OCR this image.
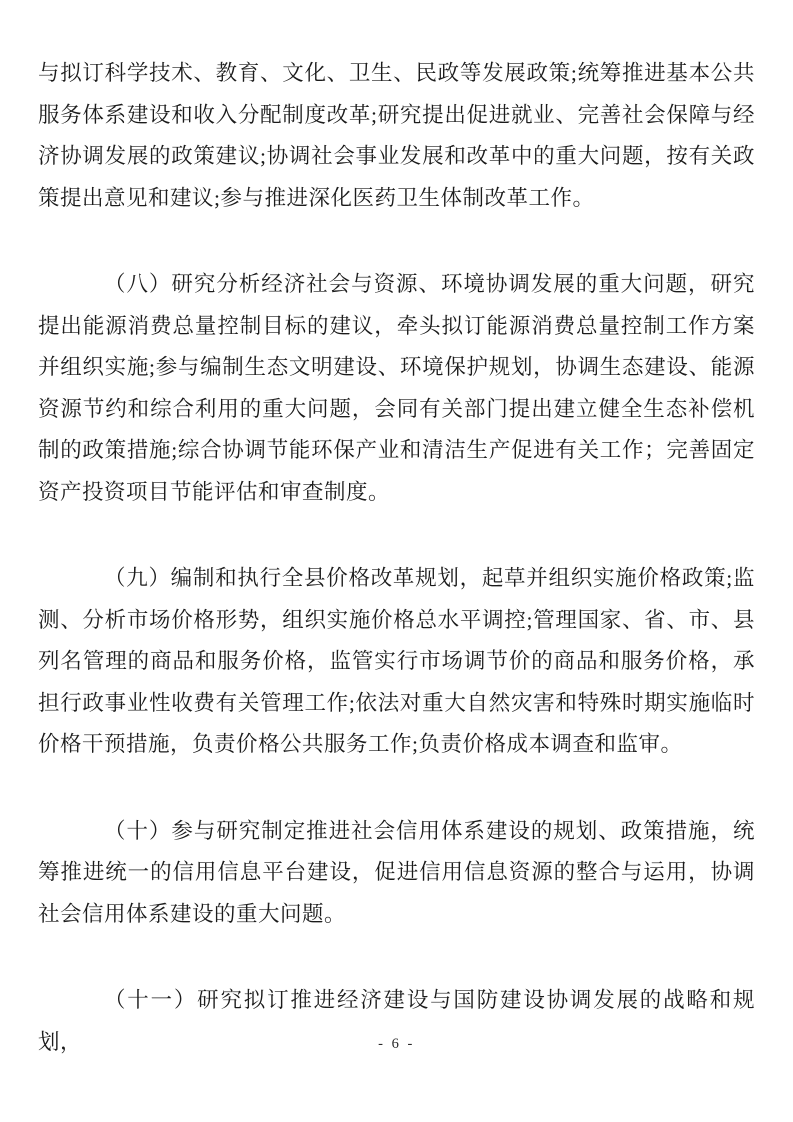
与拟订科学技术、教育、文化、卫生、民政等发展政策;统筹推进基本公共服务体系建设和收入分配制度改革;研究提出促进就业、完善社会保障与经济协调发展的政策建议;协调社会事业发展和改革中的重大问题，按有关政策提出意见和建议;参与推进深化医药卫生体制改革工作。

（八）研究分析经济社会与资源、环境协调发展的重大问题，研究提出能源消费总量控制目标的建议，牵头拟订能源消费总量控制工作方案并组织实施;参与编制生态文明建设、环境保护规划，协调生态建设、能源资源节约和综合利用的重大问题，会同有关部门提出建立健全生态补偿机制的政策措施;综合协调节能环保产业和清洁生产促进有关工作；完善固定资产投资项目节能评估和审查制度。

（九）编制和执行全县价格改革规划，起草并组织实施价格政策;监测、分析市场价格形势，组织实施价格总水平调控;管理国家、省、市、县列名管理的商品和服务价格，监管实行市场调节价的商品和服务价格，承担行政事业性收费有关管理工作;依法对重大自然灾害和特殊时期实施临时价格干预措施，负责价格公共服务工作;负责价格成本调查和监审。

（十）参与研究制定推进社会信用体系建设的规划、政策措施，统筹推进统一的信用信息平台建设，促进信用信息资源的整合与运用，协调社会信用体系建设的重大问题。

（十一）研究拟订推进经济建设与国防建设协调发展的战略和规划，	- 6 -
